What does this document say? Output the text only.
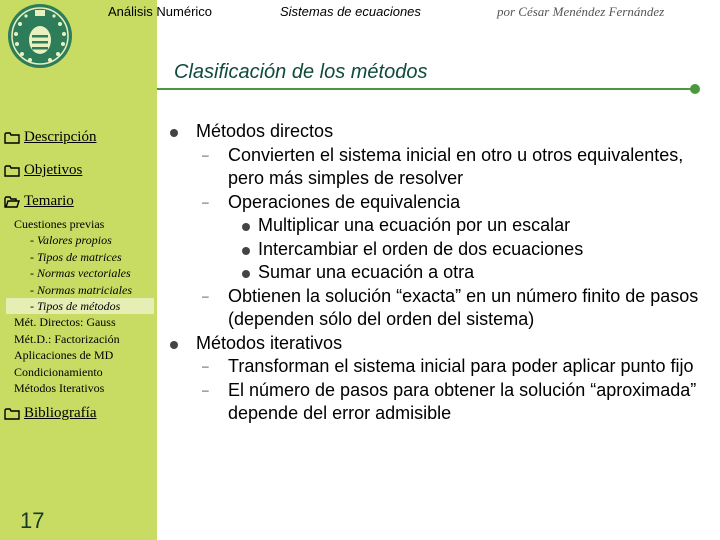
Análisis Numérico	Sistemas de ecuaciones	por César Menéndez Fernández
Clasificación de los métodos
Descripción
Objetivos
Temario
Cuestiones previas
- Valores propios
- Tipos de matrices
- Normas vectoriales
- Normas matriciales
- Tipos de métodos
Mét. Directos: Gauss
Mét.D.: Factorización
Aplicaciones de MD
Condicionamiento
Métodos Iterativos
Bibliografía
17
Métodos directos
– Convierten el sistema inicial en otro u otros equivalentes, pero más simples de resolver
– Operaciones de equivalencia
Multiplicar una ecuación por un escalar
Intercambiar el orden de dos ecuaciones
Sumar una ecuación a otra
– Obtienen la solución “exacta” en un número finito de pasos (dependen sólo del orden del sistema)
Métodos iterativos
– Transforman el sistema inicial para poder aplicar punto fijo
– El número de pasos para obtener la solución “aproximada” depende del error admisible
